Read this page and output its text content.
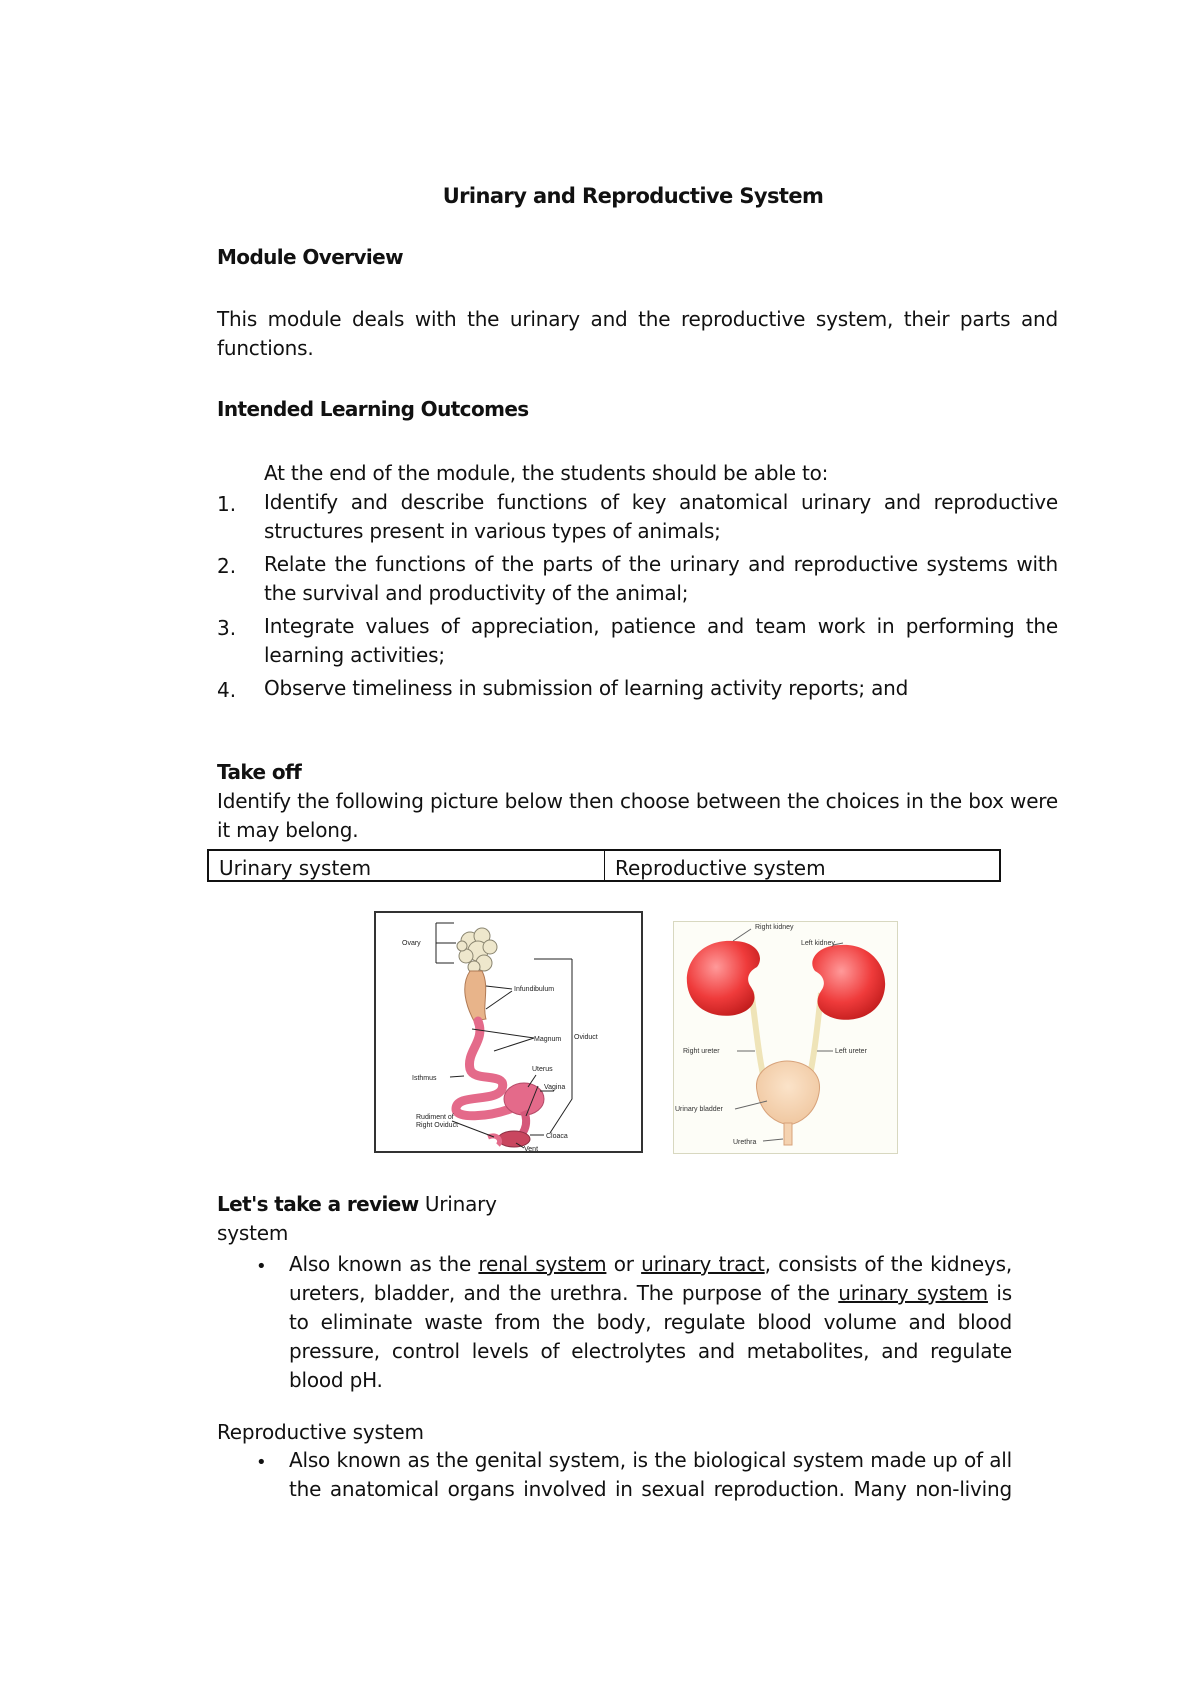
Urinary and Reproductive System
Module Overview
This module deals with the urinary and the reproductive system, their parts and functions.
Intended Learning Outcomes
At the end of the module, the students should be able to:
1. Identify and describe functions of key anatomical urinary and reproductive structures present in various types of animals;
2. Relate the functions of the parts of the urinary and reproductive systems with the survival and productivity of the animal;
3. Integrate values of appreciation, patience and team work in performing the learning activities;
4. Observe timeliness in submission of learning activity reports; and
Take off
Identify the following picture below then choose between the choices in the box were it may belong.
Urinary system	Reproductive system
Ovary
Infundibulum
Magnum Oviduct
Uterus
Isthmus
Vagina
Rudiment of
Right Oviduct
Cloaca
Vent
Right kidney
Left kidney
Right ureter	Left ureter
Urinary bladder
Urethra
Let's take a review Urinary
system
• Also known as the renal system or urinary tract, consists of the kidneys, ureters, bladder, and the urethra. The purpose of the urinary system is to eliminate waste from the body, regulate blood volume and blood pressure, control levels of electrolytes and metabolites, and regulate blood pH.
Reproductive system
• Also known as the genital system, is the biological system made up of all the anatomical organs involved in sexual reproduction. Many non-living
